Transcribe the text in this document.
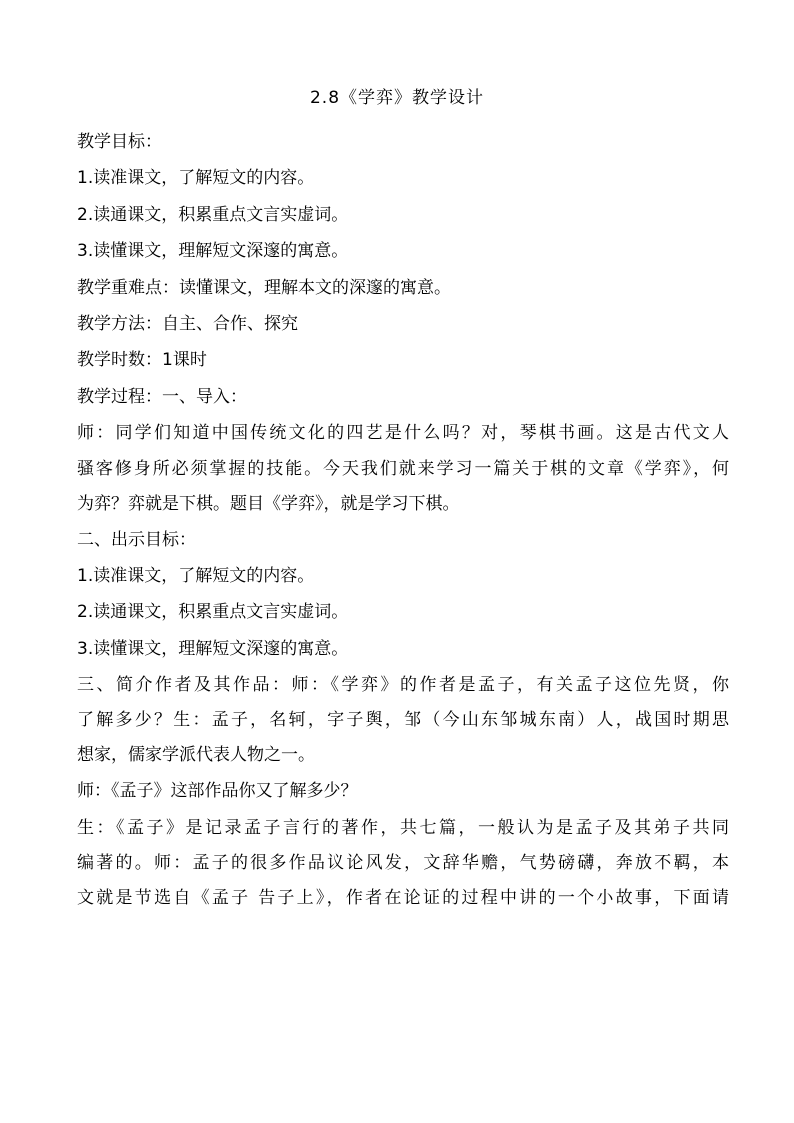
2.8《学弈》教学设计
教学目标：
1.读准课文，了解短文的内容。
2.读通课文，积累重点文言实虚词。
3.读懂课文，理解短文深邃的寓意。
教学重难点：读懂课文，理解本文的深邃的寓意。
教学方法：自主、合作、探究
教学时数：1课时
教学过程：一、导入：
师：同学们知道中国传统文化的四艺是什么吗？对，琴棋书画。这是古代文人
骚客修身所必须掌握的技能。今天我们就来学习一篇关于棋的文章《学弈》，何
为弈？弈就是下棋。题目《学弈》，就是学习下棋。
二、出示目标：
1.读准课文，了解短文的内容。
2.读通课文，积累重点文言实虚词。
3.读懂课文，理解短文深邃的寓意。
三、简介作者及其作品：师：《学弈》的作者是孟子，有关孟子这位先贤，你
了解多少？生：孟子，名轲，字子舆，邹（今山东邹城东南）人，战国时期思
想家，儒家学派代表人物之一。
师：《孟子》这部作品你又了解多少？
生：《孟子》是记录孟子言行的著作，共七篇，一般认为是孟子及其弟子共同
编著的。师：孟子的很多作品议论风发，文辞华赡，气势磅礴，奔放不羁，本
文就是节选自《孟子 告子上》，作者在论证的过程中讲的一个小故事，下面请
